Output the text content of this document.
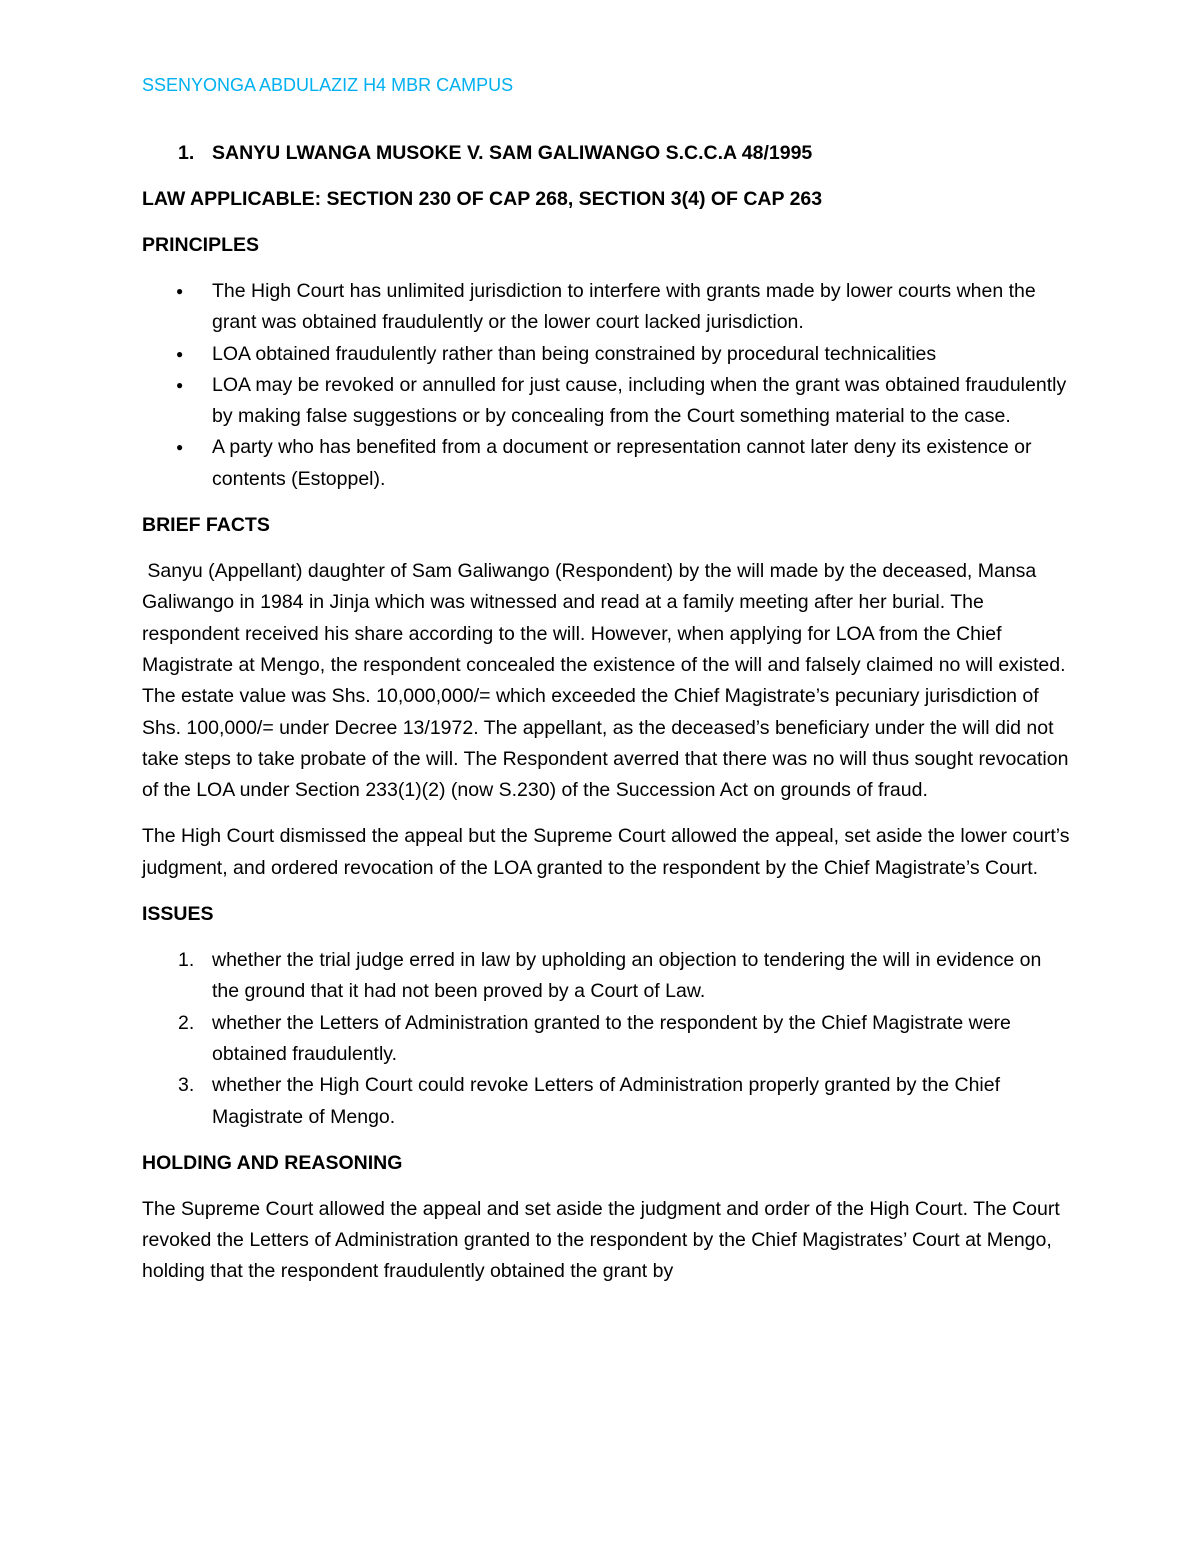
SSENYONGA ABDULAZIZ H4 MBR CAMPUS
1. SANYU LWANGA MUSOKE V. SAM GALIWANGO S.C.C.A 48/1995
LAW APPLICABLE: SECTION 230 OF CAP 268, SECTION 3(4) OF CAP 263
PRINCIPLES
●	The High Court has unlimited jurisdiction to interfere with grants made by lower courts when the grant was obtained fraudulently or the lower court lacked jurisdiction.
●	LOA obtained fraudulently rather than being constrained by procedural technicalities
●	LOA may be revoked or annulled for just cause, including when the grant was obtained fraudulently by making false suggestions or by concealing from the Court something material to the case.
●	A party who has benefited from a document or representation cannot later deny its existence or contents (Estoppel).
BRIEF FACTS

Sanyu (Appellant) daughter of Sam Galiwango (Respondent) by the will made by the deceased, Mansa Galiwango in 1984 in Jinja which was witnessed and read at a family meeting after her burial. The respondent received his share according to the will. However, when applying for LOA from the Chief Magistrate at Mengo, the respondent concealed the existence of the will and falsely claimed no will existed. The estate value was Shs. 10,000,000/= which exceeded the Chief Magistrate’s pecuniary jurisdiction of Shs. 100,000/= under Decree 13/1972. The appellant, as the deceased’s beneficiary under the will did not take steps to take probate of the will. The Respondent averred that there was no will thus sought revocation of the LOA under Section 233(1)(2) (now S.230) of the Succession Act on grounds of fraud.

The High Court dismissed the appeal but the Supreme Court allowed the appeal, set aside the lower court’s judgment, and ordered revocation of the LOA granted to the respondent by the Chief Magistrate’s Court.

ISSUES
1. whether the trial judge erred in law by upholding an objection to tendering the will in evidence on the ground that it had not been proved by a Court of Law.
2. whether the Letters of Administration granted to the respondent by the Chief Magistrate were obtained fraudulently.
3. whether the High Court could revoke Letters of Administration properly granted by the Chief Magistrate of Mengo.
HOLDING AND REASONING

The Supreme Court allowed the appeal and set aside the judgment and order of the High Court. The Court revoked the Letters of Administration granted to the respondent by the Chief Magistrates’ Court at Mengo, holding that the respondent fraudulently obtained the grant by
